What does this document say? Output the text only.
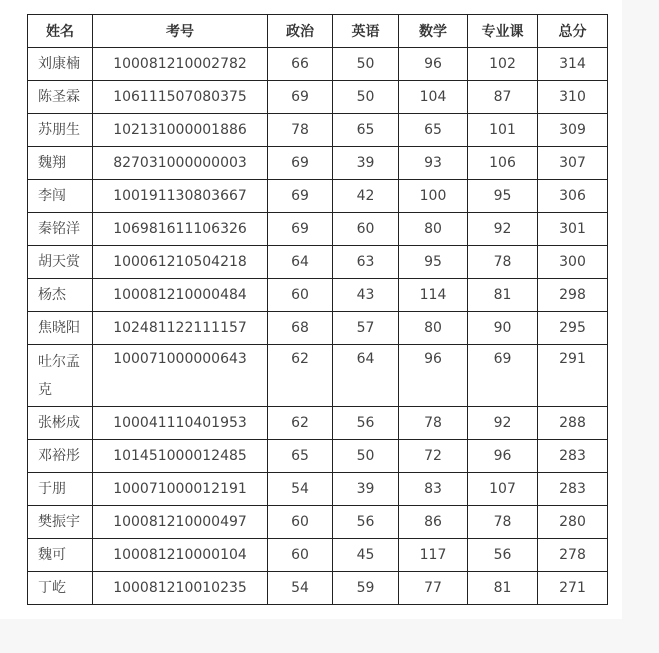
姓名	考号	政治	英语	数学	专业课	总分
刘康楠	100081210002782	66	50	96	102	314
陈圣霖	106111507080375	69	50	104	87	310
苏朋生	102131000001886	78	65	65	101	309
魏翔	827031000000003	69	39	93	106	307
李闯	100191130803667	69	42	100	95	306
秦铭洋	106981611106326	69	60	80	92	301
胡天赏	100061210504218	64	63	95	78	300
杨杰	100081210000484	60	43	114	81	298
焦晓阳	102481122111157	68	57	80	90	295
吐尔孟克	100071000000643	62	64	96	69	291
张彬成	100041110401953	62	56	78	92	288
邓裕彤	101451000012485	65	50	72	96	283
于朋	100071000012191	54	39	83	107	283
樊振宇	100081210000497	60	56	86	78	280
魏可	100081210000104	60	45	117	56	278
丁屹	100081210010235	54	59	77	81	271
